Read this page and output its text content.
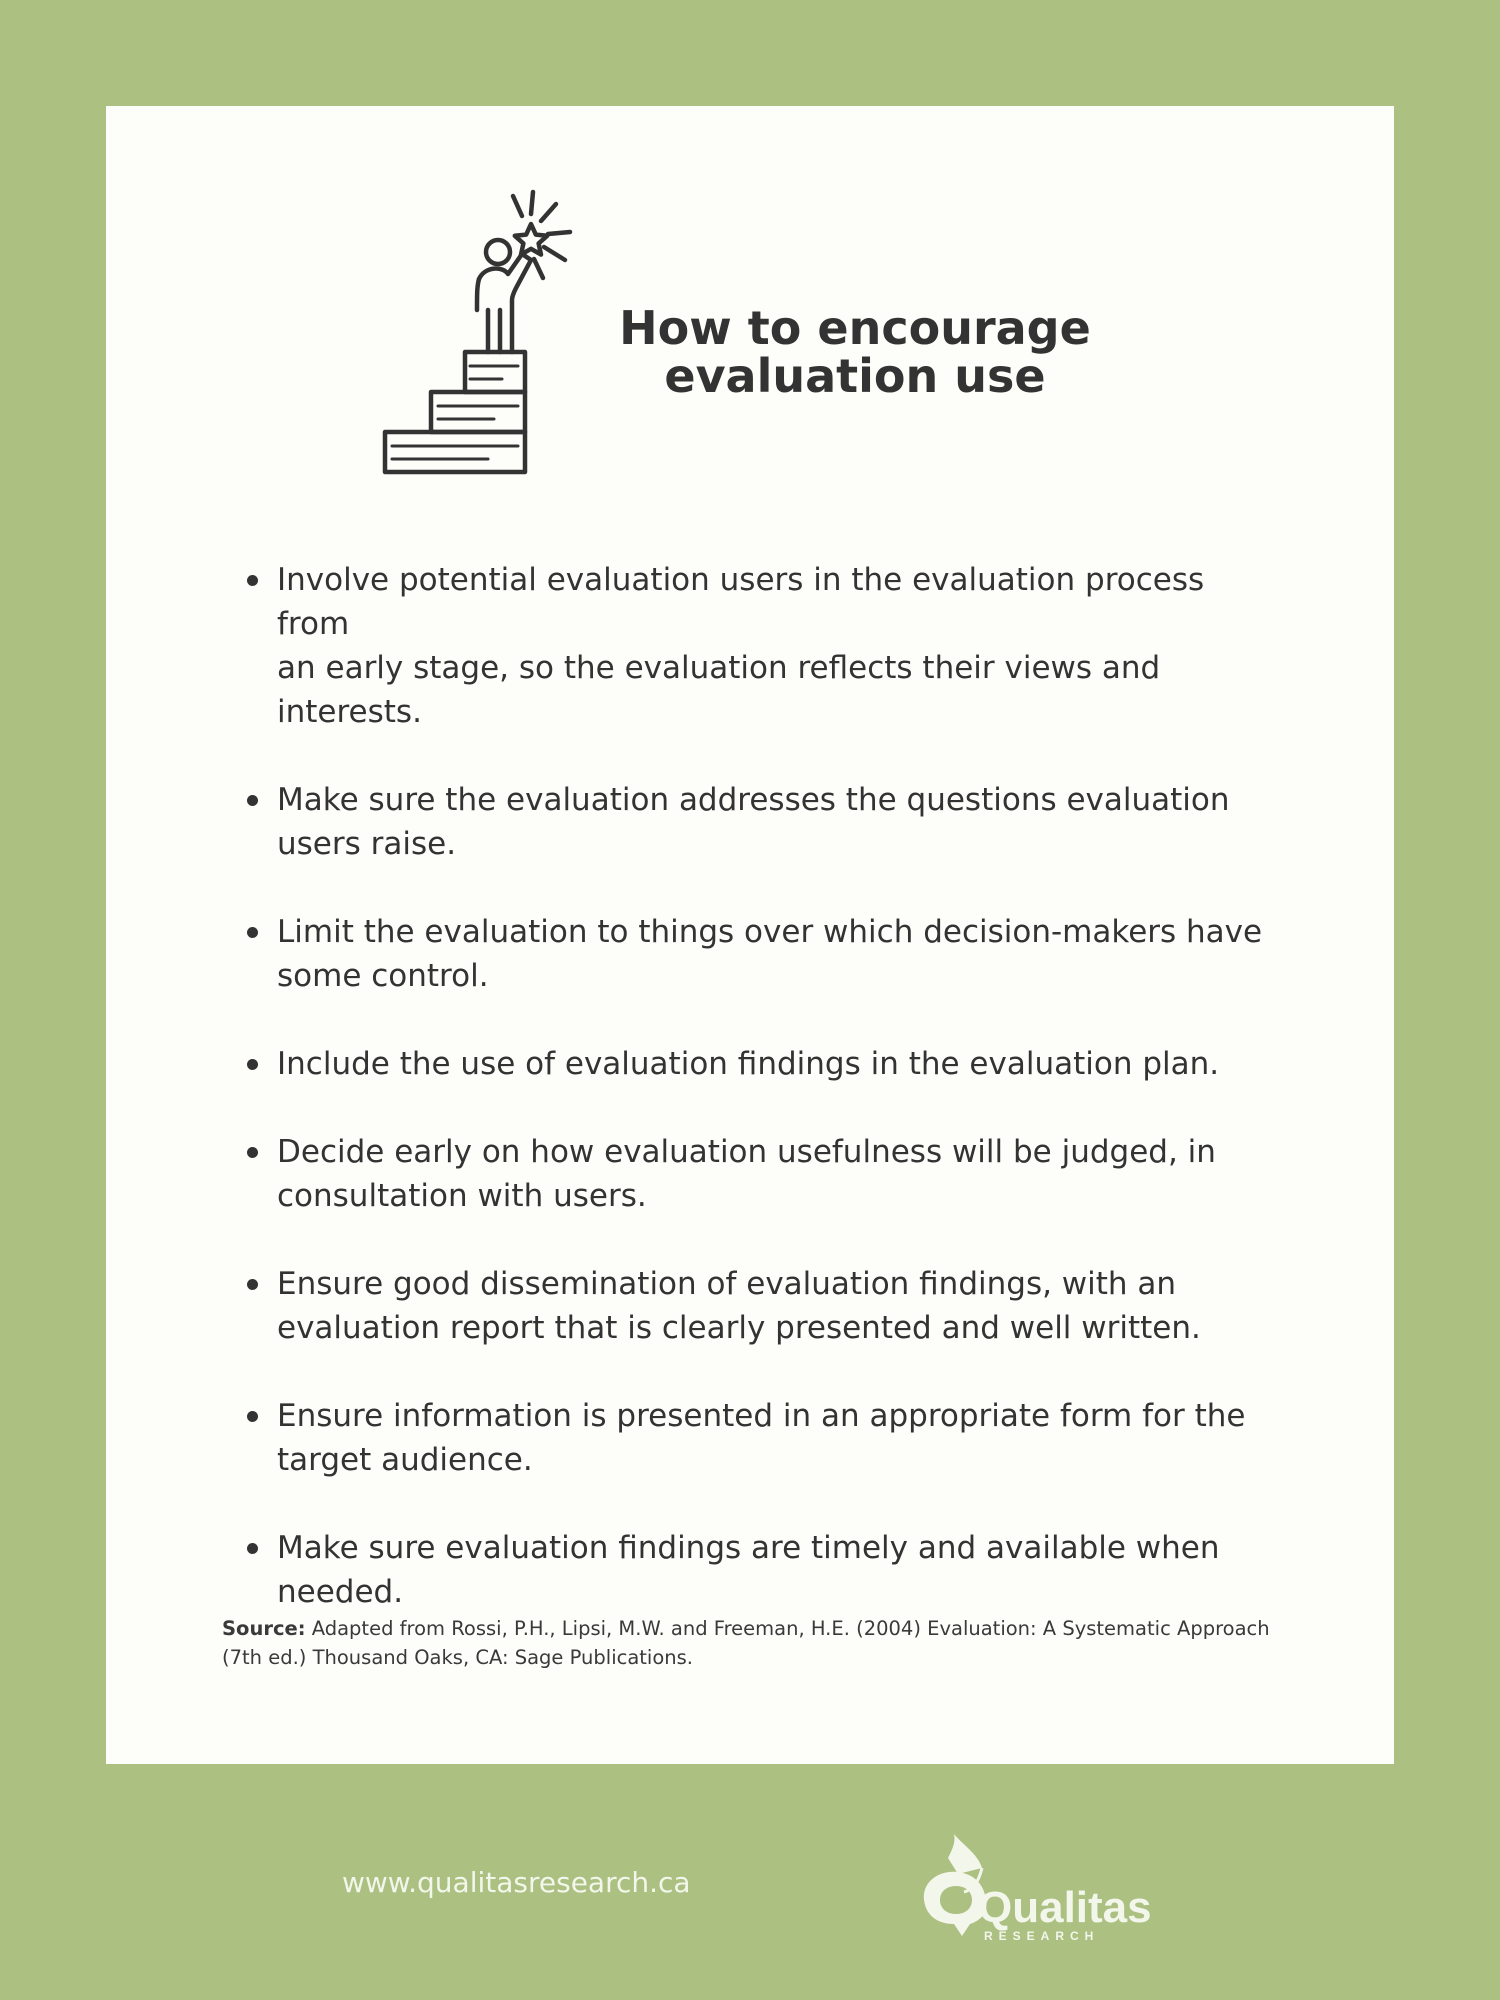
How to encourage
evaluation use
Involve potential evaluation users in the evaluation process from
an early stage, so the evaluation reflects their views and interests.
Make sure the evaluation addresses the questions evaluation
users raise.
Limit the evaluation to things over which decision-makers have
some control.
Include the use of evaluation findings in the evaluation plan.
Decide early on how evaluation usefulness will be judged, in
consultation with users.
Ensure good dissemination of evaluation findings, with an
evaluation report that is clearly presented and well written.
Ensure information is presented in an appropriate form for the
target audience.
Make sure evaluation findings are timely and available when
needed.

Source: Adapted from Rossi, P.H., Lipsi, M.W. and Freeman, H.E. (2004) Evaluation: A Systematic Approach
(7th ed.) Thousand Oaks, CA: Sage Publications.

www.qualitasresearch.ca
Qualitas
RESEARCH
